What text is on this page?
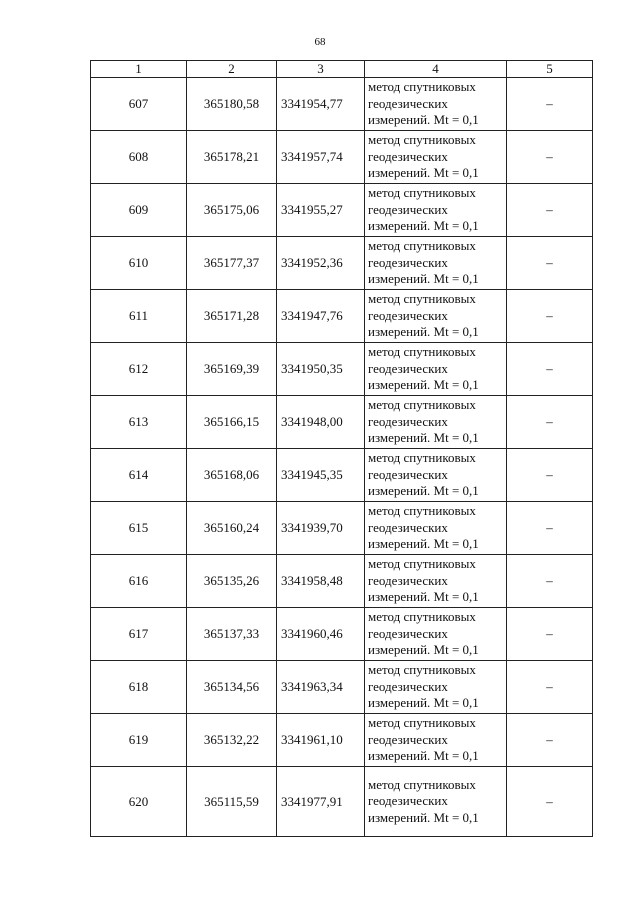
68
1	2	3	4	5
607	365180,58	3341954,77	метод спутниковых
геодезических
измерений. Mt = 0,1	–
608	365178,21	3341957,74	метод спутниковых
геодезических
измерений. Mt = 0,1	–
609	365175,06	3341955,27	метод спутниковых
геодезических
измерений. Mt = 0,1	–
610	365177,37	3341952,36	метод спутниковых
геодезических
измерений. Mt = 0,1	–
611	365171,28	3341947,76	метод спутниковых
геодезических
измерений. Mt = 0,1	–
612	365169,39	3341950,35	метод спутниковых
геодезических
измерений. Mt = 0,1	–
613	365166,15	3341948,00	метод спутниковых
геодезических
измерений. Mt = 0,1	–
614	365168,06	3341945,35	метод спутниковых
геодезических
измерений. Mt = 0,1	–
615	365160,24	3341939,70	метод спутниковых
геодезических
измерений. Mt = 0,1	–
616	365135,26	3341958,48	метод спутниковых
геодезических
измерений. Mt = 0,1	–
617	365137,33	3341960,46	метод спутниковых
геодезических
измерений. Mt = 0,1	–
618	365134,56	3341963,34	метод спутниковых
геодезических
измерений. Mt = 0,1	–
619	365132,22	3341961,10	метод спутниковых
геодезических
измерений. Mt = 0,1	–
620	365115,59	3341977,91	метод спутниковых
геодезических
измерений. Mt = 0,1	–
